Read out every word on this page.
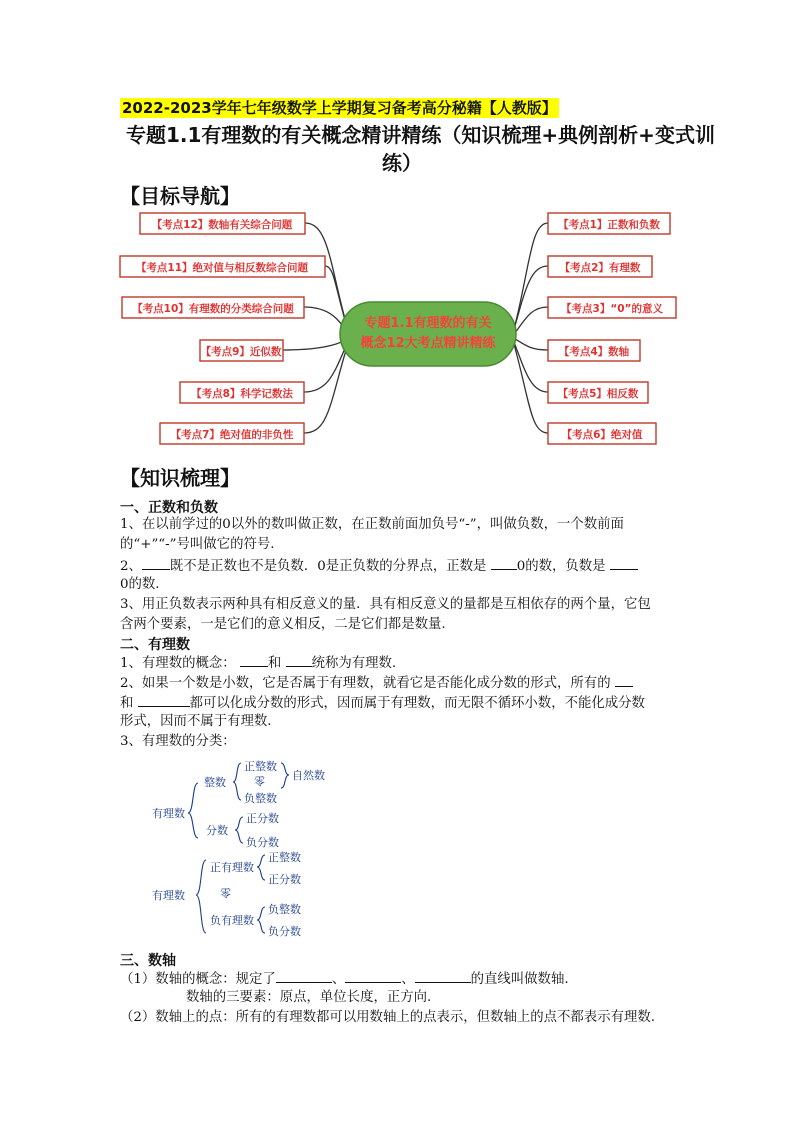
2022-2023学年七年级数学上学期复习备考高分秘籍【人教版】
专题1.1有理数的有关概念精讲精练（知识梳理+典例剖析+变式训
练）
【目标导航】
专题1.1有理数的有关
概念12大考点精讲精练
【考点12】数轴有关综合问题
【考点11】绝对值与相反数综合问题
【考点10】有理数的分类综合问题
【考点9】近似数
【考点8】科学记数法
【考点7】绝对值的非负性
【考点1】正数和负数
【考点2】有理数
【考点3】“0”的意义
【考点4】数轴
【考点5】相反数
【考点6】绝对值
【知识梳理】
一、正数和负数
1、在以前学过的0以外的数叫做正数，在正数前面加负号“-”，叫做负数，一个数前面
的“+”“-”号叫做它的符号.
2、 既不是正数也不是负数．0是正负数的分界点，正数是 0的数，负数是
0的数.
3、用正负数表示两种具有相反意义的量．具有相反意义的量都是互相依存的两个量，它包
含两个要素，一是它们的意义相反，二是它们都是数量.
二、有理数
1、有理数的概念： 和 统称为有理数.
2、如果一个数是小数，它是否属于有理数，就看它是否能化成分数的形式，所有的
和	都可以化成分数的形式，因而属于有理数，而无限不循环小数，不能化成分数
形式，因而不属于有理数.
3、有理数的分类：
有理数
整数
正整数
零
负整数
自然数
分数
正分数
负分数
有理数
正有理数
正整数
正分数
零
负有理数
负整数
负分数
三、数轴
（1）数轴的概念：规定了	、	、	的直线叫做数轴.
数轴的三要素：原点，单位长度，正方向.
（2）数轴上的点：所有的有理数都可以用数轴上的点表示，但数轴上的点不都表示有理数.
